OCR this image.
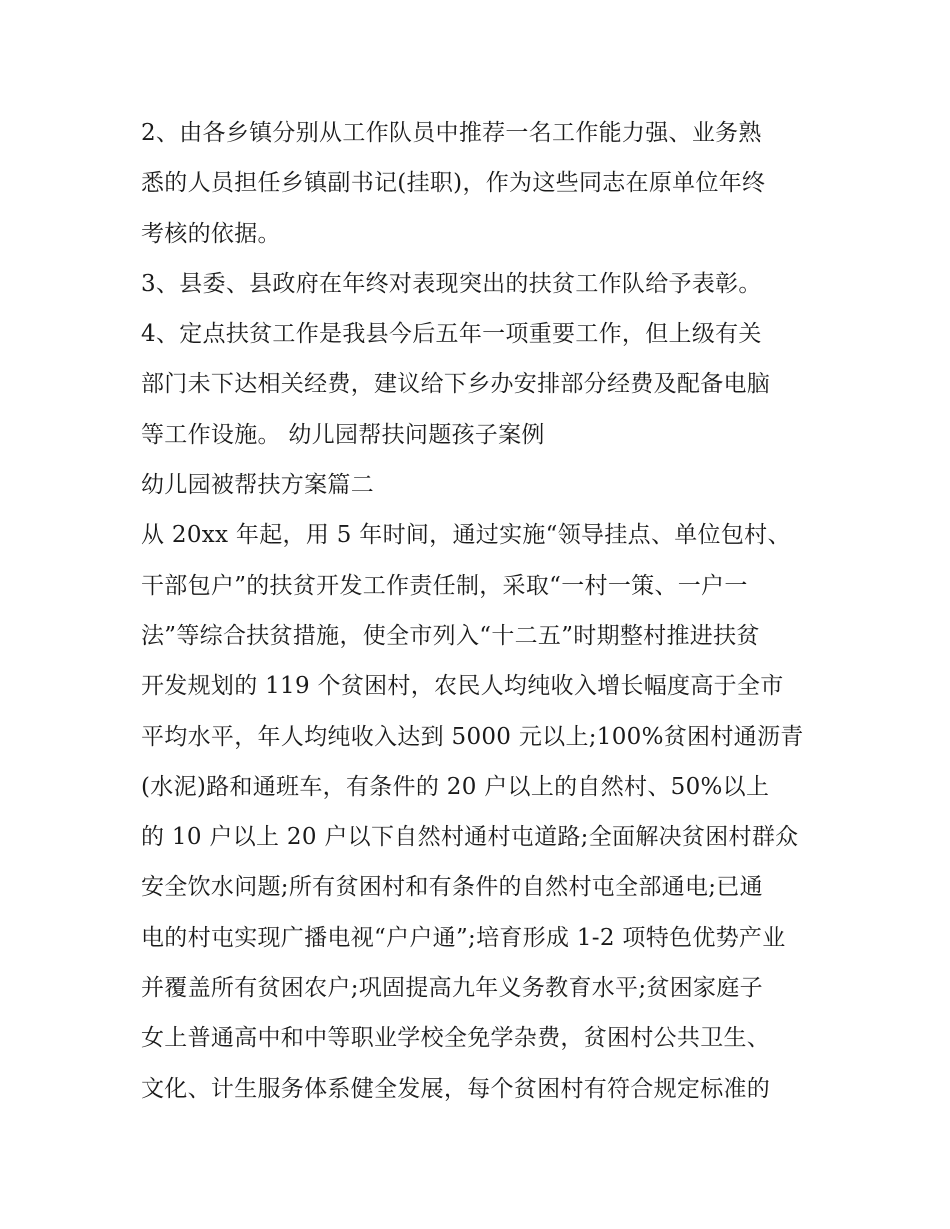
2、由各乡镇分别从工作队员中推荐一名工作能力强、业务熟
悉的人员担任乡镇副书记(挂职)，作为这些同志在原单位年终
考核的依据。
3、县委、县政府在年终对表现突出的扶贫工作队给予表彰。
4、定点扶贫工作是我县今后五年一项重要工作，但上级有关
部门未下达相关经费，建议给下乡办安排部分经费及配备电脑
等工作设施。 幼儿园帮扶问题孩子案例
幼儿园被帮扶方案篇二
从 20xx 年起，用 5 年时间，通过实施“领导挂点、单位包村、
干部包户”的扶贫开发工作责任制，采取“一村一策、一户一
法”等综合扶贫措施，使全市列入“十二五”时期整村推进扶贫
开发规划的 119 个贫困村，农民人均纯收入增长幅度高于全市
平均水平，年人均纯收入达到 5000 元以上;100%贫困村通沥青
(水泥)路和通班车，有条件的 20 户以上的自然村、50%以上
的 10 户以上 20 户以下自然村通村屯道路;全面解决贫困村群众
安全饮水问题;所有贫困村和有条件的自然村屯全部通电;已通
电的村屯实现广播电视“户户通”;培育形成 1-2 项特色优势产业
并覆盖所有贫困农户;巩固提高九年义务教育水平;贫困家庭子
女上普通高中和中等职业学校全免学杂费，贫困村公共卫生、
文化、计生服务体系健全发展，每个贫困村有符合规定标准的
